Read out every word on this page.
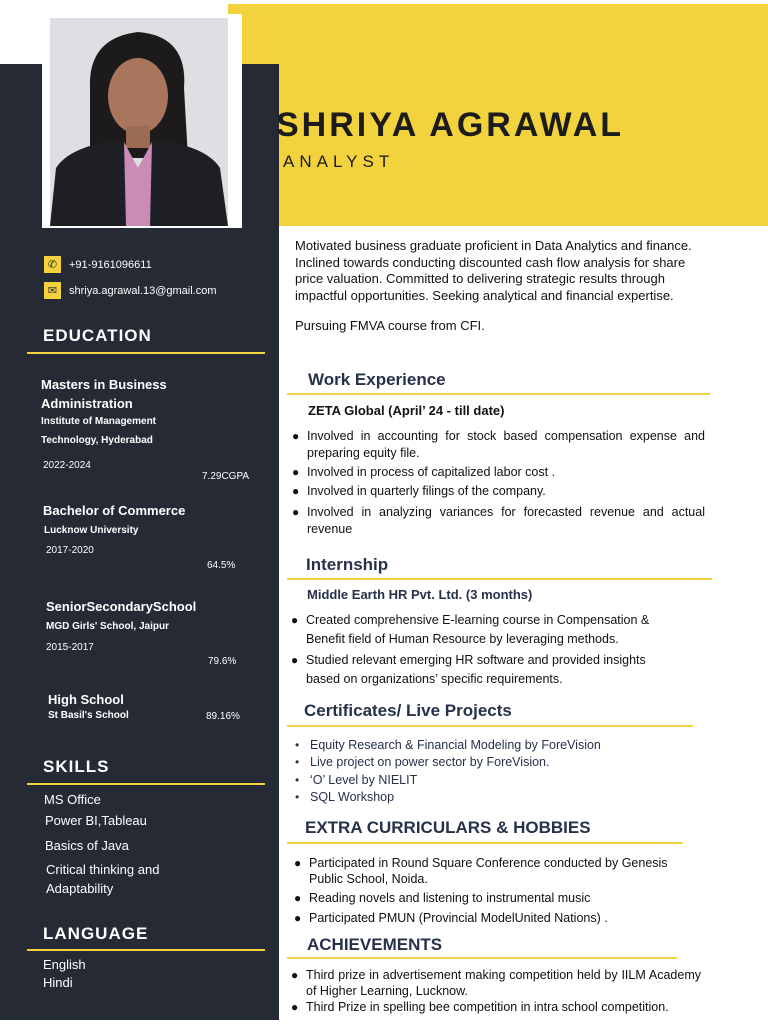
SHRIYA AGRAWAL
ANALYST
✆	+91-9161096611
✉	shriya.agrawal.13@gmail.com
EDUCATION
Masters in Business
Administration
Institute of Management
Technology, Hyderabad
2022-2024
7.29CGPA
Bachelor of Commerce
Lucknow University
2017-2020
64.5%
SeniorSecondarySchool
MGD Girls' School, Jaipur
2015-2017
79.6%
High School
St Basil's School	89.16%
SKILLS
MS Office
Power BI,Tableau
Basics of Java
Critical thinking and
Adaptability
LANGUAGE
English
Hindi

Motivated business graduate proficient in Data Analytics and finance. Inclined towards conducting discounted cash flow analysis for share price valuation. Committed to delivering strategic results through impactful opportunities. Seeking analytical and financial expertise.

Pursuing FMVA course from CFI.

Work Experience
ZETA Global (April’ 24 - till date)
● Involved in accounting for stock based compensation expense and preparing equity file.
● Involved in process of capitalized labor cost .
● Involved in quarterly filings of the company.
● Involved in analyzing variances for forecasted revenue and actual revenue
Internship
Middle Earth HR Pvt. Ltd. (3 months)
● Created comprehensive E-learning course in Compensation & Benefit field of Human Resource by leveraging methods.
● Studied relevant emerging HR software and provided insights based on organizations’ specific requirements.
Certificates/ Live Projects
• Equity Research & Financial Modeling by ForeVision
• Live project on power sector by ForeVision.
• ‘O’ Level by NIELIT
• SQL Workshop
EXTRA CURRICULARS & HOBBIES
● Participated in Round Square Conference conducted by Genesis Public School, Noida.
● Reading novels and listening to instrumental music
● Participated PMUN (Provincial ModelUnited Nations) .
ACHIEVEMENTS
● Third prize in advertisement making competition held by IILM Academy of Higher Learning, Lucknow.
● Third Prize in spelling bee competition in intra school competition.
